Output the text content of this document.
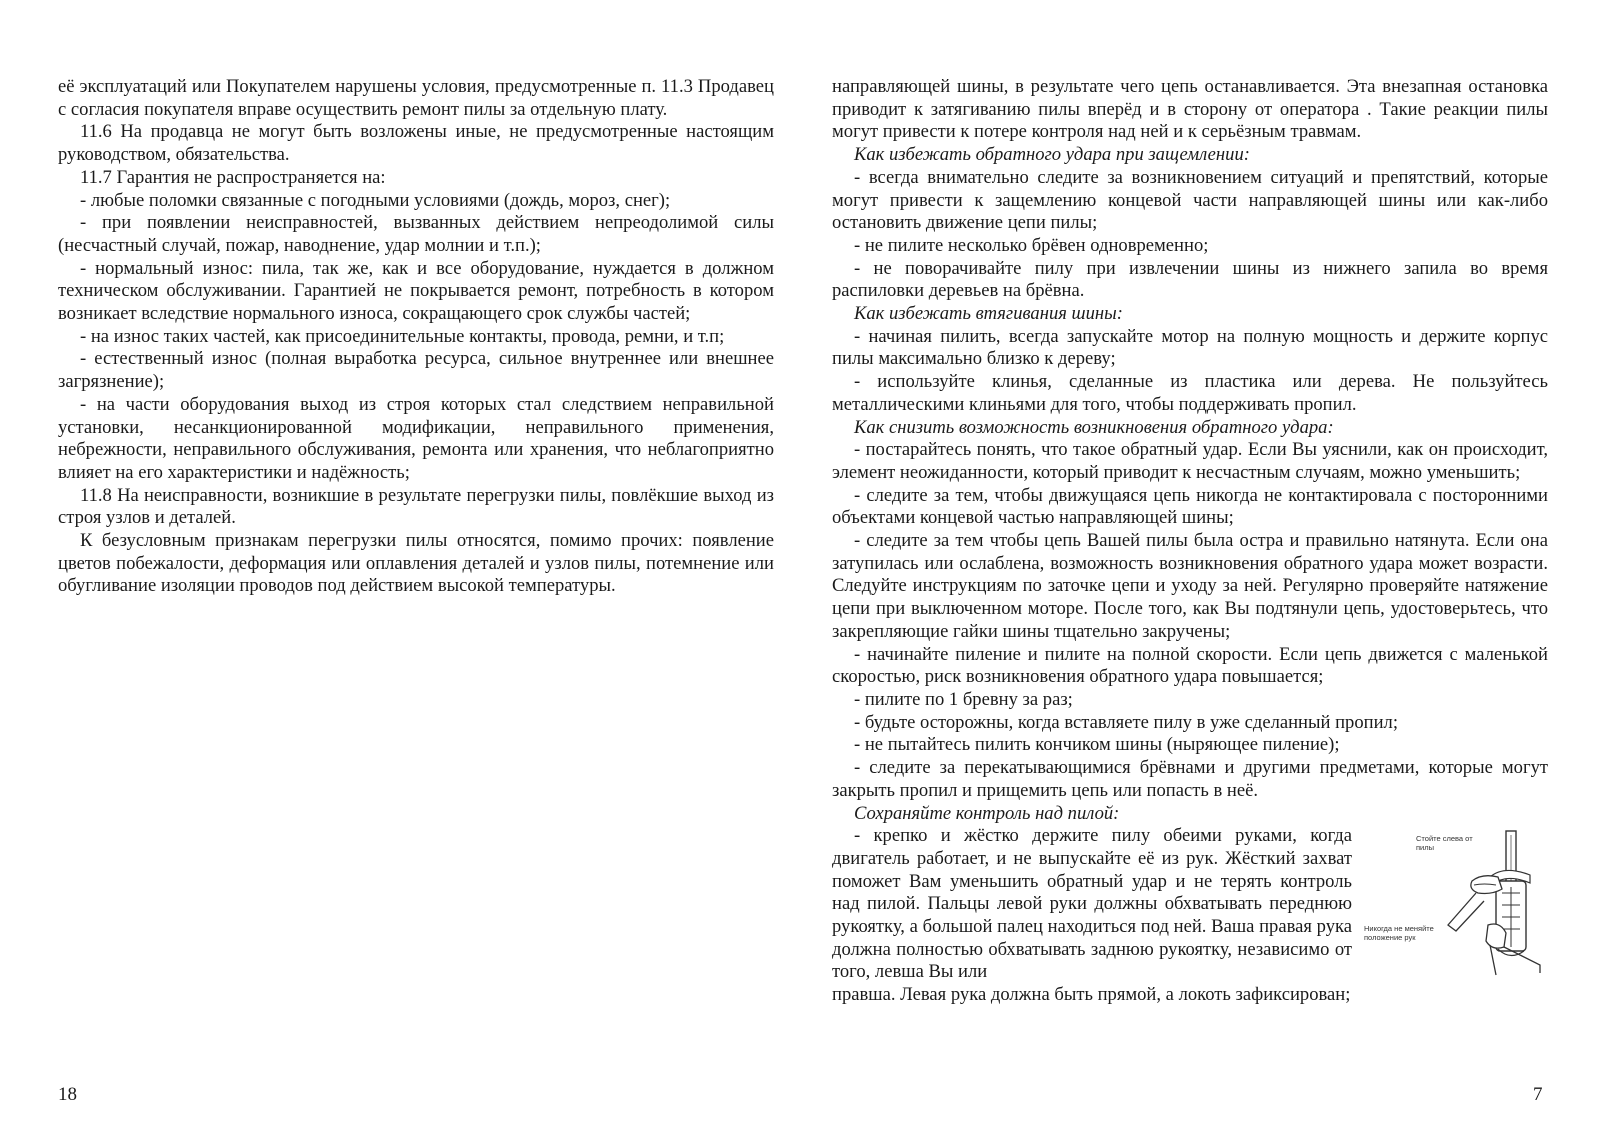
её эксплуатаций или Покупателем нарушены условия, предусмотренные п. 11.3 Продавец с согласия покупателя вправе осуществить ремонт пилы за отдельную плату.

11.6 На продавца не могут быть возложены иные, не предусмотренные настоящим руководством, обязательства.

11.7 Гарантия не распространяется на:

- любые поломки связанные с погодными условиями (дождь, мороз, снег);

- при появлении неисправностей, вызванных действием непреодолимой силы (несчастный случай, пожар, наводнение, удар молнии и т.п.);

- нормальный износ: пила, так же, как и все оборудование, нуждается в должном техническом обслуживании. Гарантией не покрывается ремонт, потребность в котором возникает вследствие нормального износа, сокращающего срок службы частей;

- на износ таких частей, как присоединительные контакты, провода, ремни, и т.п;

- естественный износ (полная выработка ресурса, сильное внутреннее или внешнее загрязнение);

- на части оборудования выход из строя которых стал следствием неправильной установки, несанкционированной модификации, неправильного применения, небрежности, неправильного обслуживания, ремонта или хранения, что неблагоприятно влияет на его характеристики и надёжность;

11.8 На неисправности, возникшие в результате перегрузки пилы, повлёкшие выход из строя узлов и деталей.

К безусловным признакам перегрузки пилы относятся, помимо прочих: появление цветов побежалости, деформация или оплавления деталей и узлов пилы, потемнение или обугливание изоляции проводов под действием высокой температуры.

направляющей шины, в результате чего цепь останавливается. Эта внезапная остановка приводит к затягиванию пилы вперёд и в сторону от оператора . Такие реакции пилы могут привести к потере контроля над ней и к серьёзным травмам.

Как избежать обратного удара при защемлении:

- всегда внимательно следите за возникновением ситуаций и препятствий, которые могут привести к защемлению концевой части направляющей шины или как-либо остановить движение цепи пилы;

- не пилите несколько брёвен одновременно;

- не поворачивайте пилу при извлечении шины из нижнего запила во время распиловки деревьев на брёвна.

Как избежать втягивания шины:

- начиная пилить, всегда запускайте мотор на полную мощность и держите корпус пилы максимально близко к дереву;

- используйте клинья, сделанные из пластика или дерева. Не пользуйтесь металлическими клиньями для того, чтобы поддерживать пропил.

Как снизить возможность возникновения обратного удара:

- постарайтесь понять, что такое обратный удар. Если Вы уяснили, как он происходит, элемент неожиданности, который приводит к несчастным случаям, можно уменьшить;

- следите за тем, чтобы движущаяся цепь никогда не контактировала с посторонними объектами концевой частью направляющей шины;

- следите за тем чтобы цепь Вашей пилы была остра и правильно натянута. Если она затупилась или ослаблена, возможность возникновения обратного удара может возрасти. Следуйте инструкциям по заточке цепи и уходу за ней. Регулярно проверяйте натяжение цепи при выключенном моторе. После того, как Вы подтянули цепь, удостоверьтесь, что закрепляющие гайки шины тщательно закручены;

- начинайте пиление и пилите на полной скорости. Если цепь движется с маленькой скоростью, риск возникновения обратного удара повышается;

- пилите по 1 бревну за раз;

- будьте осторожны, когда вставляете пилу в уже сделанный пропил;

- не пытайтесь пилить кончиком шины (ныряющее пиление);

- следите за перекатывающимися брёвнами и другими предметами, которые могут закрыть пропил и прищемить цепь или попасть в неё.

Сохраняйте контроль над пилой:

- крепко и жёстко держите пилу обеими руками, когда двигатель работает, и не выпускайте её из рук. Жёсткий захват поможет Вам уменьшить обратный удар и не терять контроль над пилой. Пальцы левой руки должны обхватывать переднюю рукоятку, а большой палец находиться под ней. Ваша правая рука должна полностью обхватывать заднюю рукоятку, независимо от того, левша Вы или

Стойте слева от пилы
Никогда не меняйте положение рук

правша. Левая рука должна быть прямой, а локоть зафиксирован;

18	7
